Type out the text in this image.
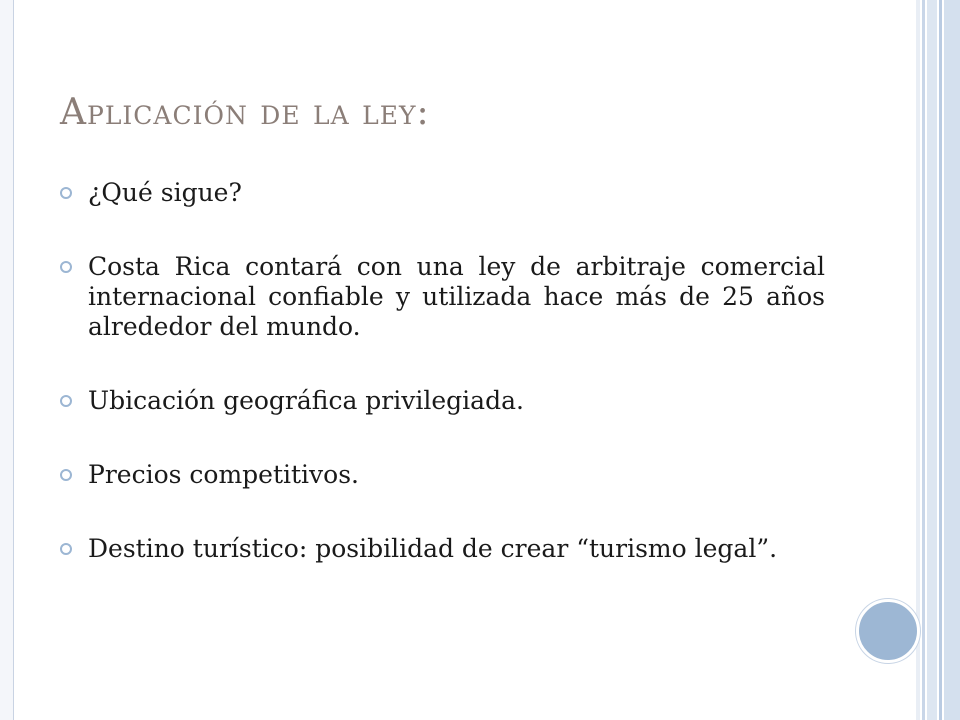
Aplicación de la ley:
¿Qué sigue?
Costa Rica contará con una ley de arbitraje comercial internacional confiable y utilizada hace más de 25 años alrededor del mundo.
Ubicación geográfica privilegiada.
Precios competitivos.
Destino turístico: posibilidad de crear “turismo legal”.
